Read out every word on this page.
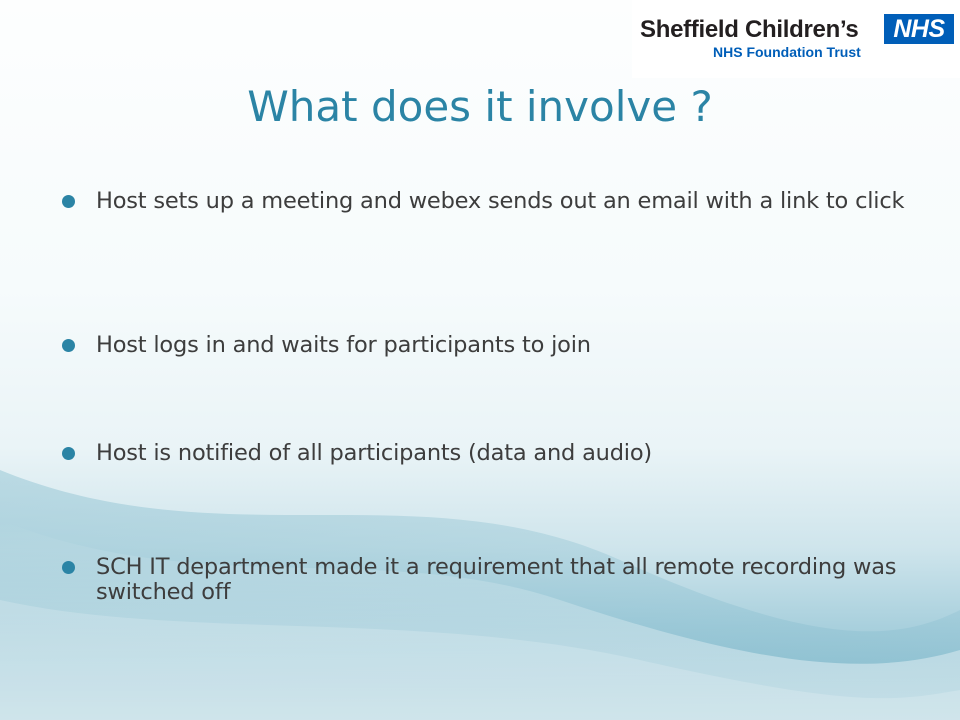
Sheffield Children’s
NHS Foundation Trust
NHS
What does it involve ?
Host sets up a meeting and webex sends out an email with a link to click
Host logs in and waits for participants to join
Host is notified of all participants (data and audio)
SCH IT department made it a requirement that all remote recording was switched off
